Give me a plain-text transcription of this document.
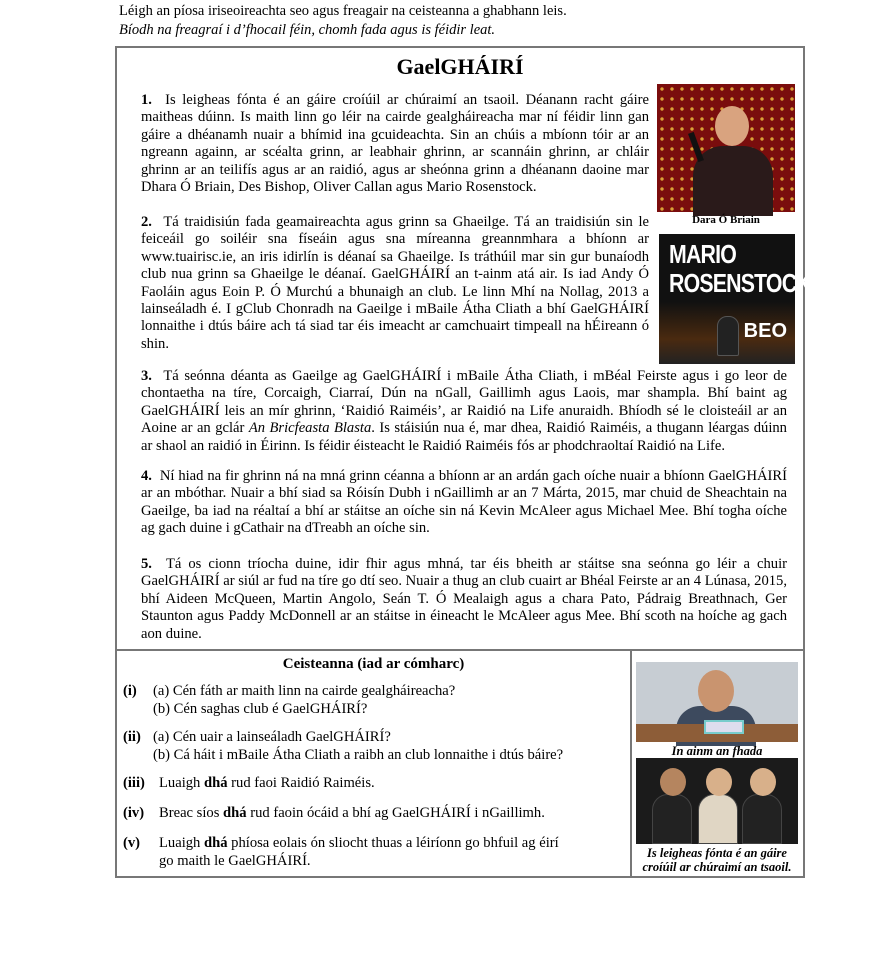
Léigh an píosa iriseoireachta seo agus freagair na ceisteanna a ghabhann leis.
Bíodh na freagraí i d’fhocail féin, chomh fada agus is féidir leat.
GaelGHÁIRÍ
1. Is leigheas fónta é an gáire croíúil ar chúraimí an tsaoil. Déanann racht gáire maitheas dúinn. Is maith linn go léir na cairde gealgháireacha mar ní féidir linn gan gáire a dhéanamh nuair a bhímid ina gcuideachta. Sin an chúis a mbíonn tóir ar an ngreann againn, ar scéalta grinn, ar leabhair ghrinn, ar scannáin ghrinn, ar chláir ghrinn ar an teilifís agus ar an raidió, agus ar sheónna grinn a dhéanann daoine mar Dhara Ó Briain, Des Bishop, Oliver Callan agus Mario Rosenstock.
Dara Ó Briain
2. Tá traidisiún fada geamaireachta agus grinn sa Ghaeilge. Tá an traidisiún sin le feiceáil go soiléir sna físeáin agus sna míreanna greannmhara a bhíonn ar www.tuairisc.ie, an iris idirlín is déanaí sa Ghaeilge. Is tráthúil mar sin gur bunaíodh club nua grinn sa Ghaeilge le déanaí. GaelGHÁIRÍ an t-ainm atá air. Is iad Andy Ó Faoláin agus Eoin P. Ó Murchú a bhunaigh an club. Le linn Mhí na Nollag, 2013 a lainseáladh é. I gClub Chonradh na Gaeilge i mBaile Átha Cliath a bhí GaelGHÁIRÍ lonnaithe i dtús báire ach tá siad tar éis imeacht ar camchuairt timpeall na hÉireann ó shin.
MARIO
ROSENSTOCK
BEO
3. Tá seónna déanta as Gaeilge ag GaelGHÁIRÍ i mBaile Átha Cliath, i mBéal Feirste agus i go leor de chontaetha na tíre, Corcaigh, Ciarraí, Dún na nGall, Gaillimh agus Laois, mar shampla. Bhí baint ag GaelGHÁIRÍ leis an mír ghrinn, ‘Raidió Raiméis’, ar Raidió na Life anuraidh. Bhíodh sé le cloisteáil ar an Aoine ar an gclár An Bricfeasta Blasta. Is stáisiún nua é, mar dhea, Raidió Raiméis, a thugann léargas dúinn ar shaol an raidió in Éirinn. Is féidir éisteacht le Raidió Raiméis fós ar phodchraoltaí Raidió na Life.
4. Ní hiad na fir ghrinn ná na mná grinn céanna a bhíonn ar an ardán gach oíche nuair a bhíonn GaelGHÁIRÍ ar an mbóthar. Nuair a bhí siad sa Róisín Dubh i nGaillimh ar an 7 Márta, 2015, mar chuid de Sheachtain na Gaeilge, ba iad na réaltaí a bhí ar stáitse an oíche sin ná Kevin McAleer agus Michael Mee. Bhí togha oíche ag gach duine i gCathair na dTreabh an oíche sin.
5. Tá os cionn tríocha duine, idir fhir agus mhná, tar éis bheith ar stáitse sna seónna go léir a chuir GaelGHÁIRÍ ar siúl ar fud na tíre go dtí seo. Nuair a thug an club cuairt ar Bhéal Feirste ar an 4 Lúnasa, 2015, bhí Aideen McQueen, Martin Angolo, Seán T. Ó Mealaigh agus a chara Pato, Pádraig Breathnach, Ger Staunton agus Paddy McDonnell ar an stáitse in éineacht le McAleer agus Mee. Bhí scoth na hoíche ag gach aon duine.
Ceisteanna (iad ar cómharc)
(i) (a) Cén fáth ar maith linn na cairde gealgháireacha?
(b) Cén saghas club é GaelGHÁIRÍ?
(ii) (a) Cén uair a lainseáladh GaelGHÁIRÍ?
(b) Cá háit i mBaile Átha Cliath a raibh an club lonnaithe i dtús báire?
(iii) Luaigh dhá rud faoi Raidió Raiméis.
(iv) Breac síos dhá rud faoin ócáid a bhí ag GaelGHÁIRÍ i nGaillimh.
(v) Luaigh dhá phíosa eolais ón sliocht thuas a léiríonn go bhfuil ag éirí
go maith le GaelGHÁIRÍ.
In ainm an fhada
Is leigheas fónta é an gáire
croíúil ar chúraimí an tsaoil.
